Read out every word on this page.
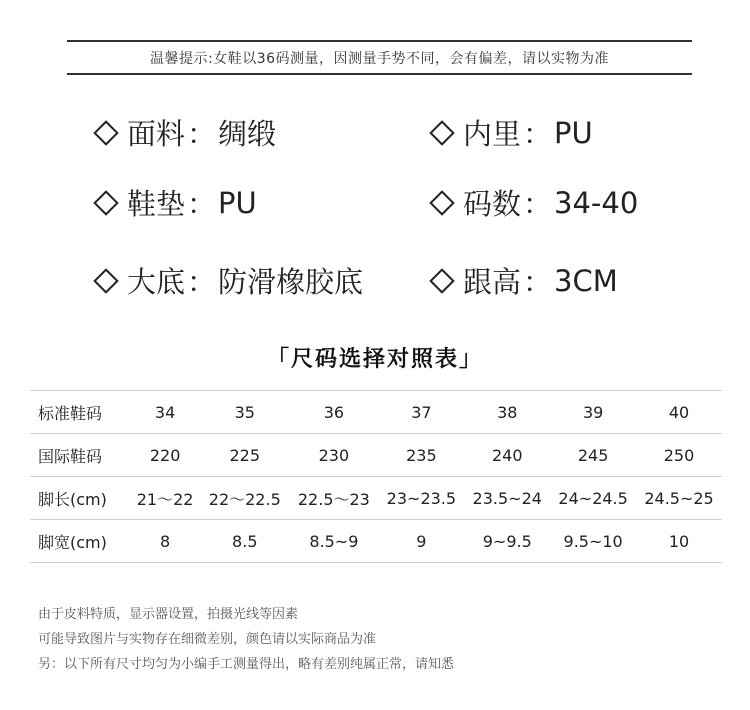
温馨提示:女鞋以36码测量，因测量手势不同，会有偏差，请以实物为准
面料 ： 绸缎	内里 ： PU
鞋垫 ： PU	码数 ： 34-40
大底 ： 防滑橡胶底	跟高 ： 3CM
「尺码选择对照表」
标准鞋码	34	35	36	37	38	39	40
国际鞋码	220	225	230	235	240	245	250
脚长(cm)	21～22	22～22.5	22.5～23	23~23.5	23.5~24	24~24.5	24.5~25
脚宽(cm)	8	8.5	8.5~9	9	9~9.5	9.5~10	10
由于皮料特质，显示器设置，拍摄光线等因素
可能导致图片与实物存在细微差别，颜色请以实际商品为准
另：以下所有尺寸均匀为小编手工测量得出，略有差别纯属正常，请知悉
